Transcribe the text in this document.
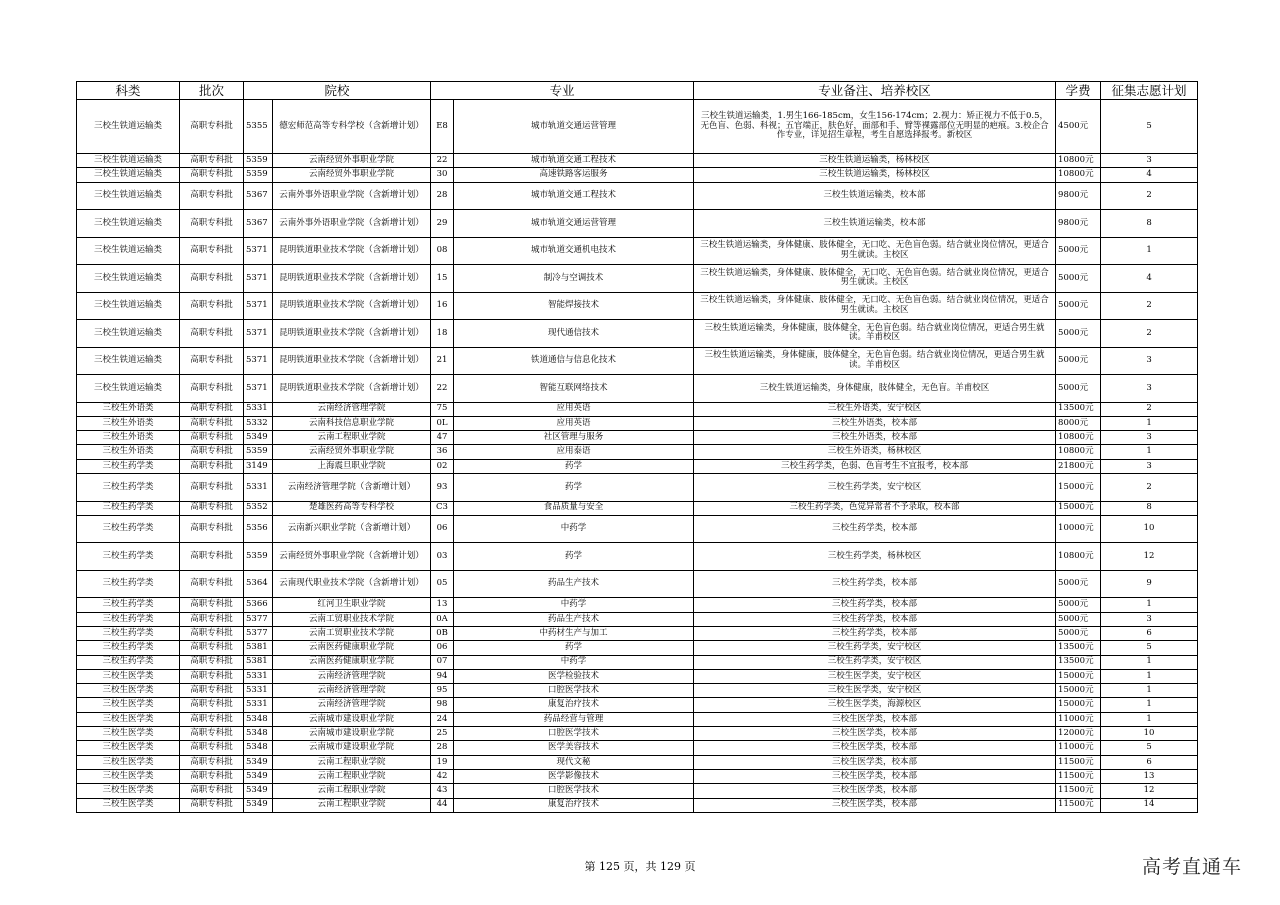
科类	批次	院校		专业		专业备注、培养校区	学费	征集志愿计划
三校生铁道运输类	高职专科批	5355	德宏师范高等专科学校（含新增计划）	E8	城市轨道交通运营管理	三校生铁道运输类，1.男生166-185cm，女生156-174cm；2.视力：矫正视力不低于0.5，无色盲、色弱、科视；五官端正，肤色好，面部和手、臂等裸露部位无明显的疤痕。3.校企合作专业，详见招生章程，考生自愿选择报考。新校区	4500元	5
三校生铁道运输类	高职专科批	5359	云南经贸外事职业学院	22	城市轨道交通工程技术	三校生铁道运输类，杨林校区	10800元	3
三校生铁道运输类	高职专科批	5359	云南经贸外事职业学院	30	高速铁路客运服务	三校生铁道运输类，杨林校区	10800元	4
三校生铁道运输类	高职专科批	5367	云南外事外语职业学院（含新增计划）	28	城市轨道交通工程技术	三校生铁道运输类，校本部	9800元	2
三校生铁道运输类	高职专科批	5367	云南外事外语职业学院（含新增计划）	29	城市轨道交通运营管理	三校生铁道运输类，校本部	9800元	8
三校生铁道运输类	高职专科批	5371	昆明铁道职业技术学院（含新增计划）	08	城市轨道交通机电技术	三校生铁道运输类，身体健康、肢体健全，无口吃、无色盲色弱。结合就业岗位情况，更适合男生就读。主校区	5000元	1
三校生铁道运输类	高职专科批	5371	昆明铁道职业技术学院（含新增计划）	15	制冷与空调技术	三校生铁道运输类，身体健康、肢体健全，无口吃、无色盲色弱。结合就业岗位情况，更适合男生就读。主校区	5000元	4
三校生铁道运输类	高职专科批	5371	昆明铁道职业技术学院（含新增计划）	16	智能焊接技术	三校生铁道运输类，身体健康、肢体健全，无口吃、无色盲色弱。结合就业岗位情况，更适合男生就读。主校区	5000元	2
三校生铁道运输类	高职专科批	5371	昆明铁道职业技术学院（含新增计划）	18	现代通信技术	三校生铁道运输类，身体健康，肢体健全，无色盲色弱。结合就业岗位情况，更适合男生就读。羊甫校区	5000元	2
三校生铁道运输类	高职专科批	5371	昆明铁道职业技术学院（含新增计划）	21	铁道通信与信息化技术	三校生铁道运输类，身体健康，肢体健全，无色盲色弱。结合就业岗位情况，更适合男生就读。羊甫校区	5000元	3
三校生铁道运输类	高职专科批	5371	昆明铁道职业技术学院（含新增计划）	22	智能互联网络技术	三校生铁道运输类，身体健康，肢体健全，无色盲。羊甫校区	5000元	3
三校生外语类	高职专科批	5331	云南经济管理学院	75	应用英语	三校生外语类，安宁校区	13500元	2
三校生外语类	高职专科批	5332	云南科技信息职业学院	0L	应用英语	三校生外语类，校本部	8000元	1
三校生外语类	高职专科批	5349	云南工程职业学院	47	社区管理与服务	三校生外语类，校本部	10800元	3
三校生外语类	高职专科批	5359	云南经贸外事职业学院	36	应用泰语	三校生外语类，杨林校区	10800元	1
三校生药学类	高职专科批	3149	上海震旦职业学院	02	药学	三校生药学类，色弱、色盲考生不宜报考，校本部	21800元	3
三校生药学类	高职专科批	5331	云南经济管理学院（含新增计划）	93	药学	三校生药学类，安宁校区	15000元	2
三校生药学类	高职专科批	5352	楚雄医药高等专科学校	C3	食品质量与安全	三校生药学类，色觉异常者不予录取，校本部	15000元	8
三校生药学类	高职专科批	5356	云南新兴职业学院（含新增计划）	06	中药学	三校生药学类，校本部	10000元	10
三校生药学类	高职专科批	5359	云南经贸外事职业学院（含新增计划）	03	药学	三校生药学类，杨林校区	10800元	12
三校生药学类	高职专科批	5364	云南现代职业技术学院（含新增计划）	05	药品生产技术	三校生药学类，校本部	5000元	9
三校生药学类	高职专科批	5366	红河卫生职业学院	13	中药学	三校生药学类，校本部	5000元	1
三校生药学类	高职专科批	5377	云南工贸职业技术学院	0A	药品生产技术	三校生药学类，校本部	5000元	3
三校生药学类	高职专科批	5377	云南工贸职业技术学院	0B	中药材生产与加工	三校生药学类，校本部	5000元	6
三校生药学类	高职专科批	5381	云南医药健康职业学院	06	药学	三校生药学类，安宁校区	13500元	5
三校生药学类	高职专科批	5381	云南医药健康职业学院	07	中药学	三校生药学类，安宁校区	13500元	1
三校生医学类	高职专科批	5331	云南经济管理学院	94	医学检验技术	三校生医学类，安宁校区	15000元	1
三校生医学类	高职专科批	5331	云南经济管理学院	95	口腔医学技术	三校生医学类，安宁校区	15000元	1
三校生医学类	高职专科批	5331	云南经济管理学院	98	康复治疗技术	三校生医学类，海源校区	15000元	1
三校生医学类	高职专科批	5348	云南城市建设职业学院	24	药品经营与管理	三校生医学类，校本部	11000元	1
三校生医学类	高职专科批	5348	云南城市建设职业学院	25	口腔医学技术	三校生医学类，校本部	12000元	10
三校生医学类	高职专科批	5348	云南城市建设职业学院	28	医学美容技术	三校生医学类，校本部	11000元	5
三校生医学类	高职专科批	5349	云南工程职业学院	19	现代文秘	三校生医学类，校本部	11500元	6
三校生医学类	高职专科批	5349	云南工程职业学院	42	医学影像技术	三校生医学类，校本部	11500元	13
三校生医学类	高职专科批	5349	云南工程职业学院	43	口腔医学技术	三校生医学类，校本部	11500元	12
三校生医学类	高职专科批	5349	云南工程职业学院	44	康复治疗技术	三校生医学类，校本部	11500元	14
第 125 页，共 129 页	高考直通车
